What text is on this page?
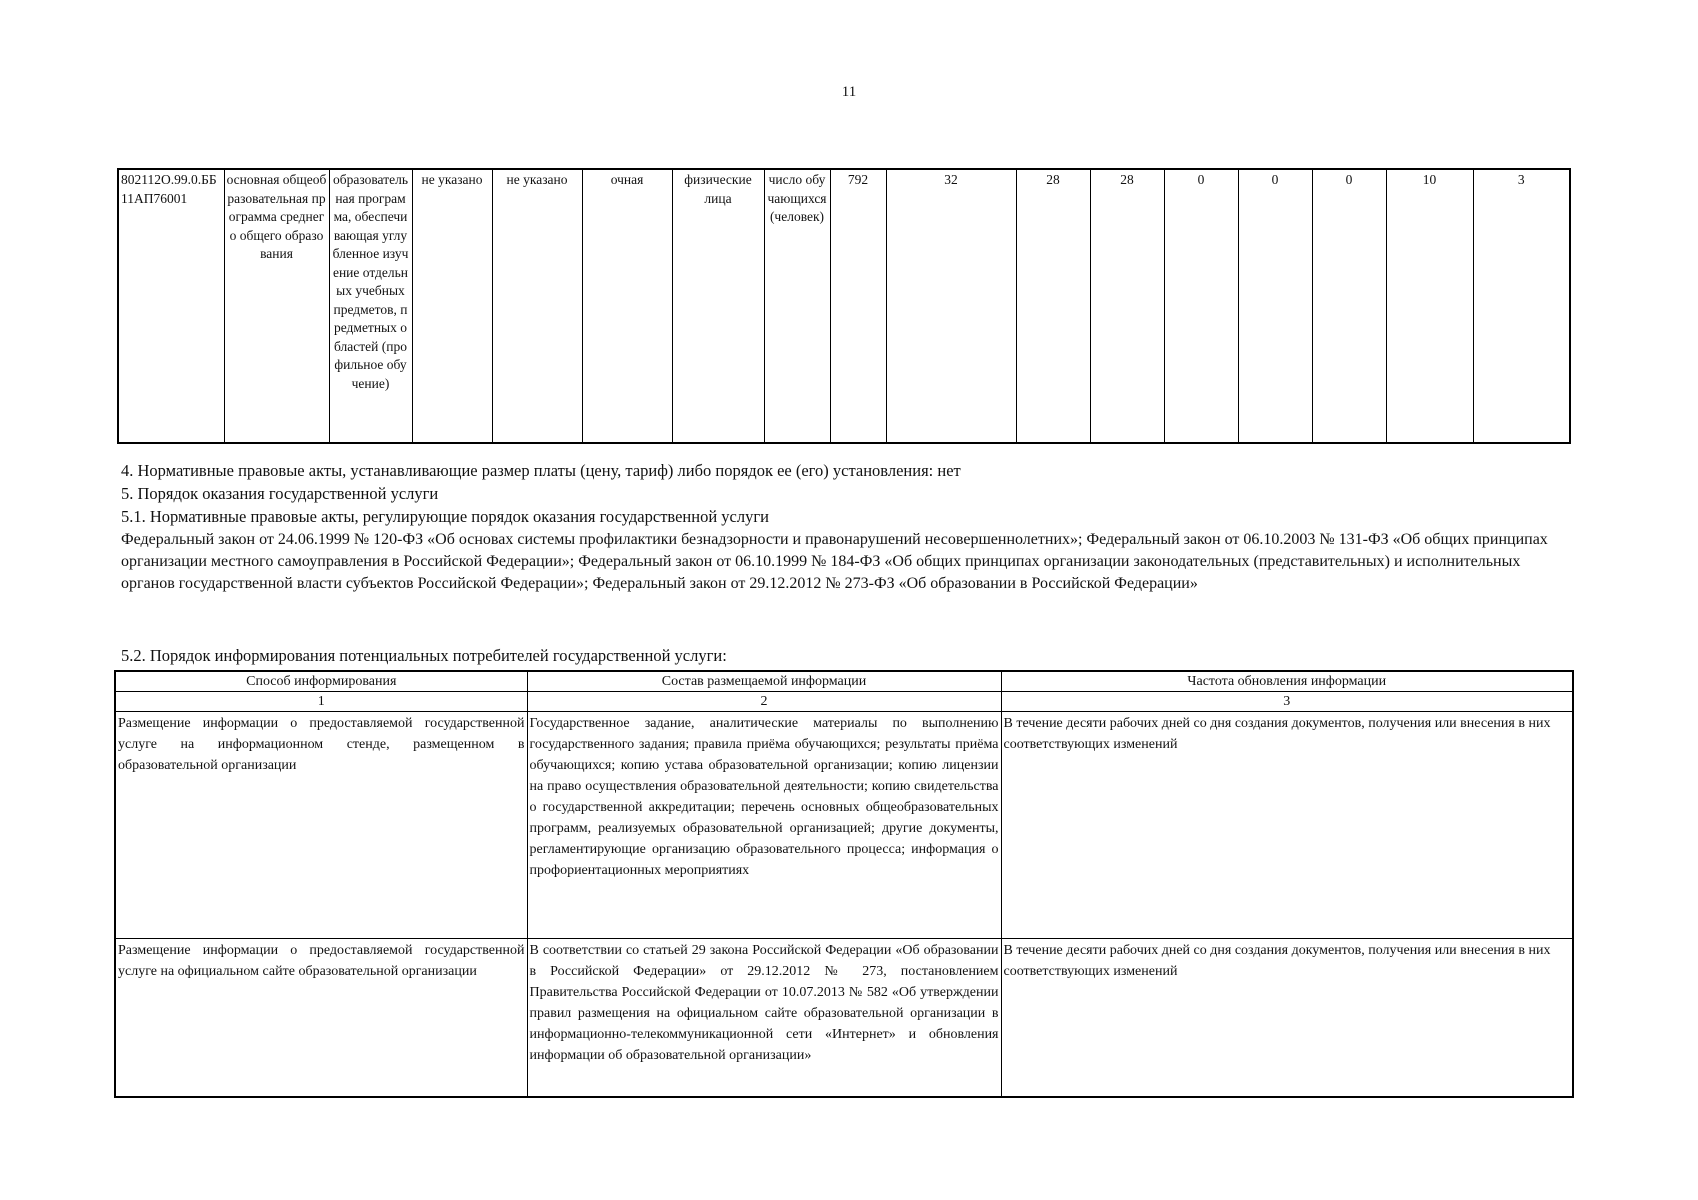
11
802112О.99.0.ББ11АП76001	основная общеобразовательная программа среднего общего образования	образовательная программа, обеспечивающая углубленное изучение отдельных учебных предметов, предметных областей (профильное обучение)	не указано	не указано	очная	физические лица	число обучающихся (человек)	792	32	28	28	0	0	0	10	3
4. Нормативные правовые акты, устанавливающие размер платы (цену, тариф) либо порядок ее (его) установления: нет
5. Порядок оказания государственной услуги
5.1. Нормативные правовые акты, регулирующие порядок оказания государственной услуги
Федеральный закон от 24.06.1999 № 120-ФЗ «Об основах системы профилактики безнадзорности и правонарушений несовершеннолетних»; Федеральный закон от 06.10.2003 № 131-ФЗ «Об общих принципах организации местного самоуправления в Российской Федерации»; Федеральный закон от 06.10.1999 № 184-ФЗ «Об общих принципах организации законодательных (представительных) и исполнительных органов государственной власти субъектов Российской Федерации»; Федеральный закон от 29.12.2012 № 273-ФЗ «Об образовании в Российской Федерации»
5.2. Порядок информирования потенциальных потребителей государственной услуги:
Способ информирования	Состав размещаемой информации	Частота обновления информации
1	2	3
Размещение информации о предоставляемой государственной услуге на информационном стенде, размещенном в образовательной организации	Государственное задание, аналитические материалы по выполнению государственного задания; правила приёма обучающихся; результаты приёма обучающихся; копию устава образовательной организации; копию лицензии на право осуществления образовательной деятельности; копию свидетельства о государственной аккредитации; перечень основных общеобразовательных программ, реализуемых образовательной организацией; другие документы, регламентирующие организацию образовательного процесса; информация о профориентационных мероприятиях	В течение десяти рабочих дней со дня создания документов, получения или внесения в них соответствующих изменений
Размещение информации о предоставляемой государственной услуге на официальном сайте образовательной организации	В соответствии со статьей 29 закона Российской Федерации «Об образовании в Российской Федерации» от 29.12.2012 № 273, постановлением Правительства Российской Федерации от 10.07.2013 № 582 «Об утверждении правил размещения на официальном сайте образовательной организации в информационно-телекоммуникационной сети «Интернет» и обновления информации об образовательной организации»	В течение десяти рабочих дней со дня создания документов, получения или внесения в них соответствующих изменений
